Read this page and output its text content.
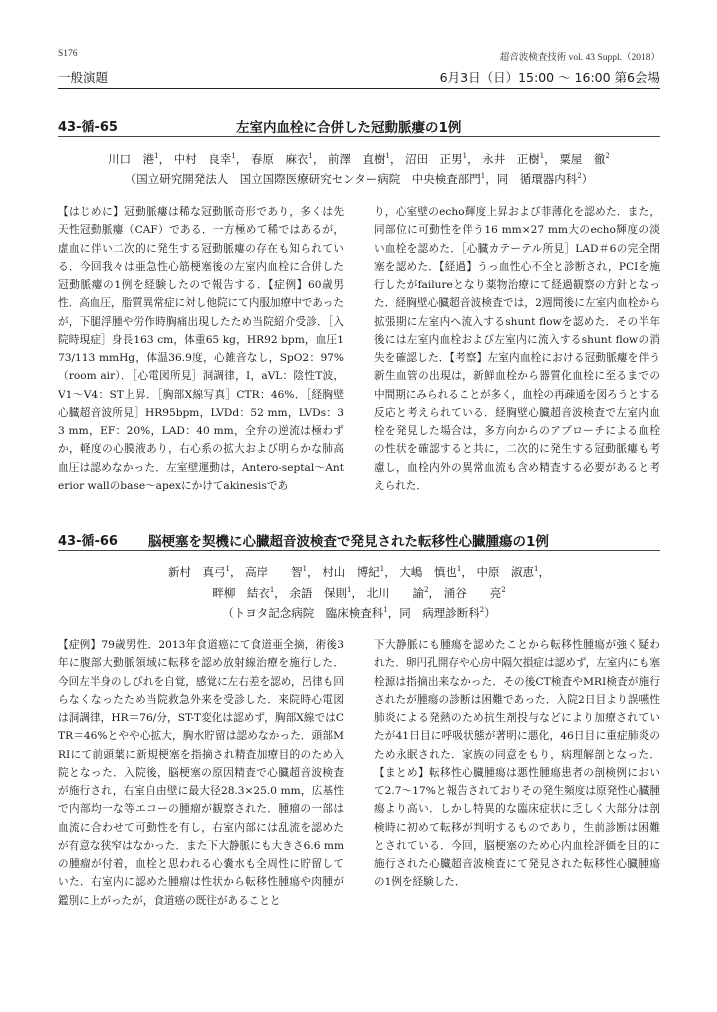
S176	超音波検査技術 vol. 43 Suppl.（2018）
一般演題	6月3日（日）15:00 ～ 16:00 第6会場
43-循-65	左室内血栓に合併した冠動脈瘻の1例
川口　港$^1$， 中村　良幸$^1$， 春原　麻衣$^1$， 前澤　直樹$^1$， 沼田　正男$^1$， 永井　正樹$^1$， 粟屋　徹$^2$
（国立研究開発法人　国立国際医療研究センター病院　中央検査部門$^1$，同　循環器内科$^2$）
【はじめに】冠動脈瘻は稀な冠動脈奇形であり，多くは先天性冠動脈瘻（CAF）である．一方極めて稀ではあるが，虚血に伴い二次的に発生する冠動脈瘻の存在も知られている．今回我々は亜急性心筋梗塞後の左室内血栓に合併した冠動脈瘻の1例を経験したので報告する．【症例】60歳男性．高血圧，脂質異常症に対し他院にて内服加療中であったが，下腿浮腫や労作時胸痛出現したため当院紹介受診．［入院時現症］身長163 cm，体重65 kg，HR92 bpm，血圧173/113 mmHg，体温36.9度，心雑音なし，SpO2：97%（room air）．［心電図所見］洞調律，I，aVL：陰性T波，V1～V4：ST上昇．［胸部X線写真］CTR：46%．［経胸壁心臓超音波所見］HR95bpm，LVDd：52 mm，LVDs：33 mm，EF：20%，LAD：40 mm，全弁の逆流は極わずか，軽度の心膜液あり，右心系の拡大および明らかな肺高血圧は認めなかった．左室壁運動は，Antero-septal～Anterior wallのbase～apexにかけてakinesisであ
り，心室壁のecho輝度上昇および菲薄化を認めた．また，同部位に可動性を伴う16 mm×27 mm大のecho輝度の淡い血栓を認めた．［心臓カテーテル所見］LAD＃6の完全閉塞を認めた．【経過】うっ血性心不全と診断され，PCIを施行したがfailureとなり薬物治療にて経過観察の方針となった．経胸壁心臓超音波検査では，2週間後に左室内血栓から拡張期に左室内へ流入するshunt flowを認めた．その半年後には左室内血栓および左室内に流入するshunt flowの消失を確認した．【考察】左室内血栓における冠動脈瘻を伴う新生血管の出現は，新鮮血栓から器質化血栓に至るまでの中間期にみられることが多く，血栓の再疎通を図ろうとする反応と考えられている．経胸壁心臓超音波検査で左室内血栓を発見した場合は，多方向からのアプローチによる血栓の性状を確認すると共に，二次的に発生する冠動脈瘻も考慮し，血栓内外の異常血流も含め精査する必要があると考えられた．
43-循-66 脳梗塞を契機に心臓超音波検査で発見された転移性心臓腫瘍の1例
新村　真弓$^1$， 高岸　　智$^1$， 村山　博紀$^1$， 大嶋　慎也$^1$， 中原　淑恵$^1$，
畔柳　結衣$^1$， 余語　保則$^1$， 北川　　諭$^2$， 涌谷　　亮$^2$
（トヨタ記念病院　臨床検査科$^1$，同　病理診断科$^2$）
【症例】79歳男性．2013年食道癌にて食道亜全摘，術後3年に腹部大動脈領域に転移を認め放射線治療を施行した．今回左半身のしびれを自覚，感覚に左右差を認め，呂律も回らなくなったため当院救急外来を受診した．来院時心電図は洞調律，HR＝76/分，ST-T変化は認めず，胸部X線ではCTR＝46%とやや心拡大，胸水貯留は認めなかった．頭部MRIにて前頭葉に新規梗塞を指摘され精査加療目的のため入院となった．入院後，脳梗塞の原因精査で心臓超音波検査が施行され，右室自由壁に最大径28.3×25.0 mm，広基性で内部均一な等エコーの腫瘤が観察された．腫瘤の一部は血流に合わせて可動性を有し，右室内部には乱流を認めたが有意な狭窄はなかった．また下大静脈にも大きさ6.6 mmの腫瘤が付着，血栓と思われる心嚢水も全周性に貯留していた．右室内に認めた腫瘤は性状から転移性腫瘍や肉腫が鑑別に上がったが，食道癌の既往があることと
下大静脈にも腫瘍を認めたことから転移性腫瘍が強く疑われた．卵円孔開存や心房中隔欠損症は認めず，左室内にも塞栓源は指摘出来なかった．その後CT検査やMRI検査が施行されたが腫瘍の診断は困難であった．入院2日目より誤嚥性肺炎による発熱のため抗生剤投与などにより加療されていたが41日目に呼吸状態が著明に悪化，46日目に重症肺炎のため永眠された．家族の同意をもり，病理解剖となった．【まとめ】転移性心臓腫瘍は悪性腫瘍患者の剖検例において2.7～17%と報告されておりその発生頻度は原発性心臓腫瘍より高い．しかし特異的な臨床症状に乏しく大部分は剖検時に初めて転移が判明するものであり，生前診断は困難とされている．今回，脳梗塞のため心内血栓評価を目的に施行された心臓超音波検査にて発見された転移性心臓腫瘍の1例を経験した．
